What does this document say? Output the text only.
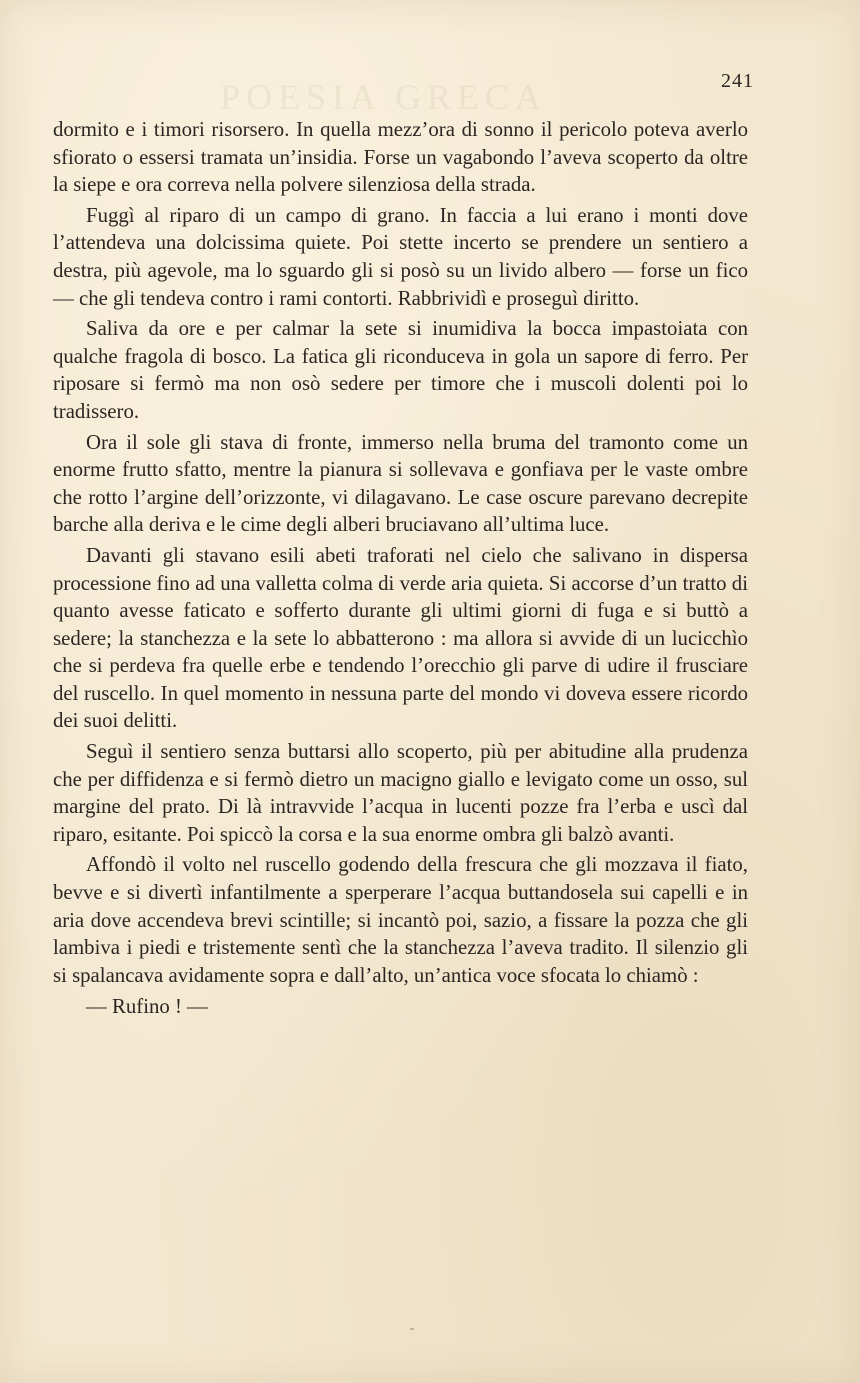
POESIA GRECA	241

dormito e i timori risorsero. In quella mezz’ora di sonno il pericolo poteva averlo sfiorato o essersi tramata un’insidia. Forse un vagabondo l’aveva scoperto da oltre la siepe e ora correva nella polvere silenziosa della strada.

Fuggì al riparo di un campo di grano. In faccia a lui erano i monti dove l’attendeva una dolcissima quiete. Poi stette incerto se prendere un sentiero a destra, più agevole, ma lo sguardo gli si posò su un livido albero — forse un fico — che gli tendeva contro i rami contorti. Rabbrividì e proseguì diritto.

Saliva da ore e per calmar la sete si inumidiva la bocca impastoiata con qualche fragola di bosco. La fatica gli riconduceva in gola un sapore di ferro. Per riposare si fermò ma non osò sedere per timore che i muscoli dolenti poi lo tradissero.

Ora il sole gli stava di fronte, immerso nella bruma del tramonto come un enorme frutto sfatto, mentre la pianura si sollevava e gonfiava per le vaste ombre che rotto l’argine dell’orizzonte, vi dilagavano. Le case oscure parevano decrepite barche alla deriva e le cime degli alberi bruciavano all’ultima luce.

Davanti gli stavano esili abeti traforati nel cielo che salivano in dispersa processione fino ad una valletta colma di verde aria quieta. Si accorse d’un tratto di quanto avesse faticato e sofferto durante gli ultimi giorni di fuga e si buttò a sedere; la stanchezza e la sete lo abbatterono : ma allora si avvide di un lucicchìo che si perdeva fra quelle erbe e tendendo l’orecchio gli parve di udire il frusciare del ruscello. In quel momento in nessuna parte del mondo vi doveva essere ricordo dei suoi delitti.

Seguì il sentiero senza buttarsi allo scoperto, più per abitudine alla prudenza che per diffidenza e si fermò dietro un macigno giallo e levigato come un osso, sul margine del prato. Di là intravvide l’acqua in lucenti pozze fra l’erba e uscì dal riparo, esitante. Poi spiccò la corsa e la sua enorme ombra gli balzò avanti.

Affondò il volto nel ruscello godendo della frescura che gli mozzava il fiato, bevve e si divertì infantilmente a sperperare l’acqua buttandosela sui capelli e in aria dove accendeva brevi scintille; si incantò poi, sazio, a fissare la pozza che gli lambiva i piedi e tristemente sentì che la stanchezza l’aveva tradito. Il silenzio gli si spalancava avidamente sopra e dall’alto, un’antica voce sfocata lo chiamò :

— Rufino ! —
